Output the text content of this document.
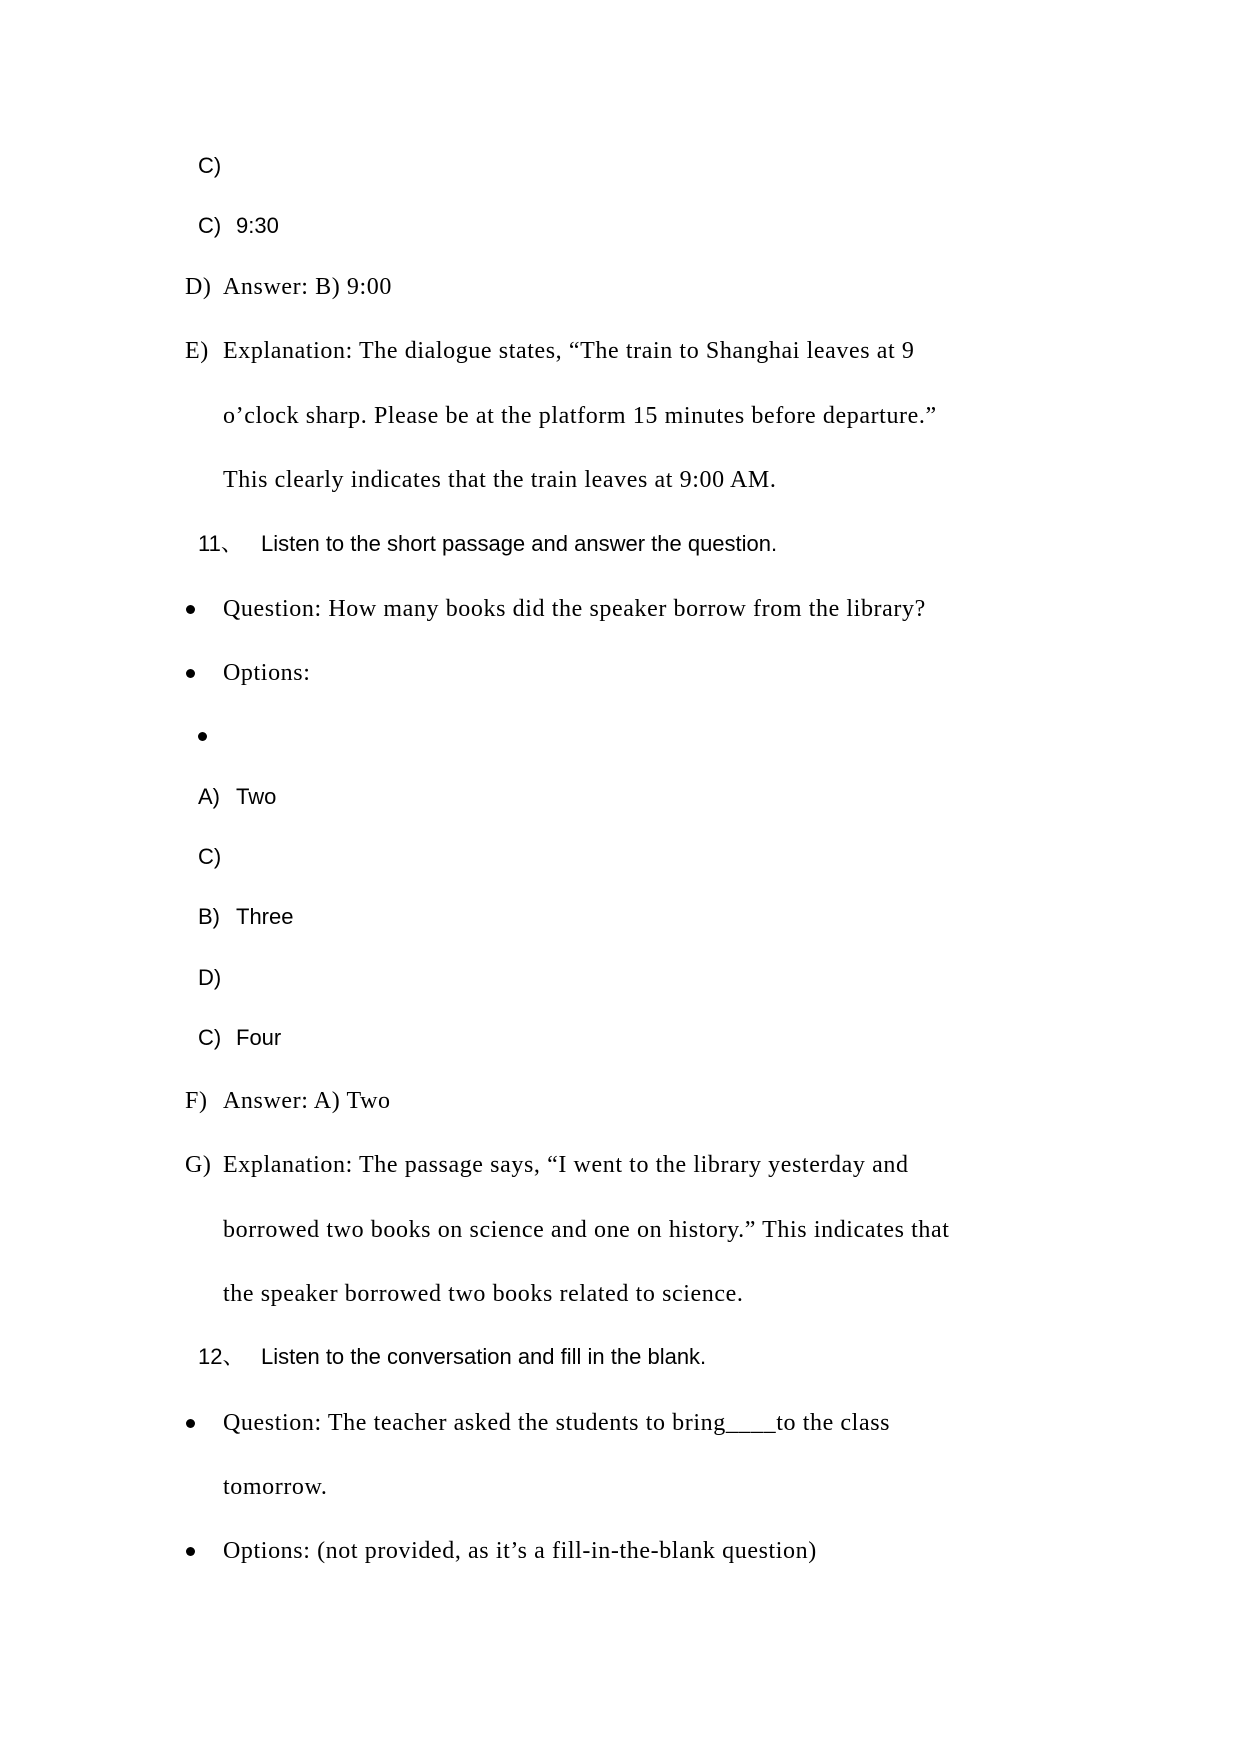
C)
C) 9:30
D) Answer: B) 9:00
E) Explanation: The dialogue states, “The train to Shanghai leaves at 9
o’clock sharp. Please be at the platform 15 minutes before departure.”
This clearly indicates that the train leaves at 9:00 AM.
11、 Listen to the short passage and answer the question.
Question: How many books did the speaker borrow from the library?
Options:
A) Two
C)
B) Three
D)
C) Four
F) Answer: A) Two
G) Explanation: The passage says, “I went to the library yesterday and
borrowed two books on science and one on history.” This indicates that
the speaker borrowed two books related to science.
12、 Listen to the conversation and fill in the blank.
Question: The teacher asked the students to bring____to the class
tomorrow.
Options: (not provided, as it’s a fill-in-the-blank question)
